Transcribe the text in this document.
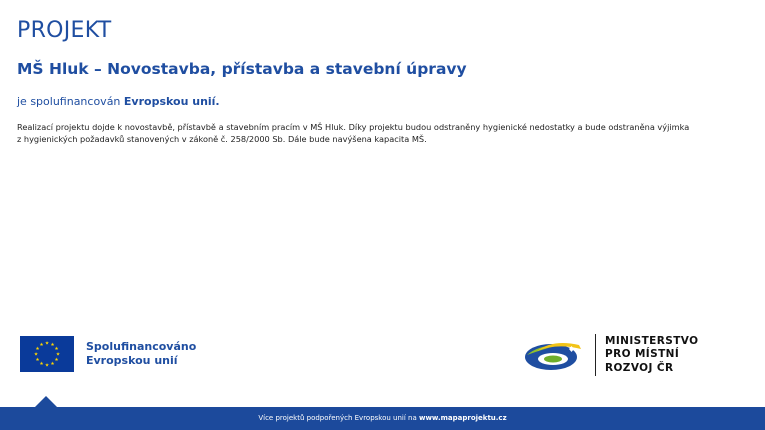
PROJEKT
MŠ Hluk – Novostavba, přístavba a stavební úpravy
je spolufinancován Evropskou unií.
Realizací projektu dojde k novostavbě, přístavbě a stavebním pracím v MŠ Hluk. Díky projektu budou odstraněny hygienické nedostatky a bude odstraněna výjimka
z hygienických požadavků stanovených v zákoně č. 258/2000 Sb. Dále bude navýšena kapacita MŠ.
★ ★
★
★
★
★
★
★
★
★
★
★	Spolufinancováno
Evropskou unií
MINISTERSTVO
PRO MÍSTNÍ
ROZVOJ ČR
Více projektů podpořených Evropskou unií na www.mapaprojektu.cz
